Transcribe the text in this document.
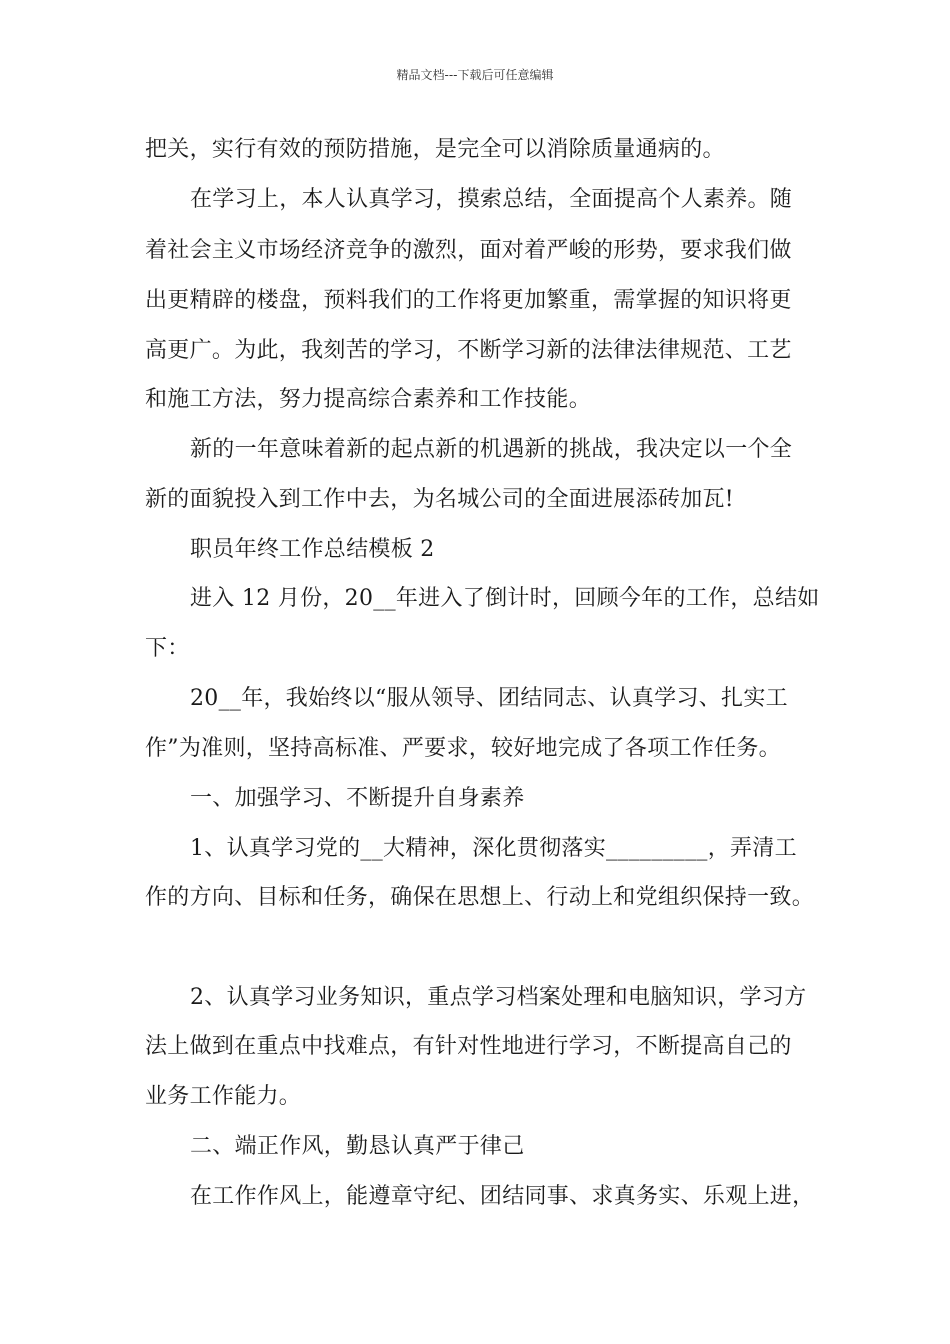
精品文档---下载后可任意编辑
把关，实行有效的预防措施，是完全可以消除质量通病的。
在学习上，本人认真学习，摸索总结，全面提高个人素养。随
着社会主义市场经济竞争的激烈，面对着严峻的形势，要求我们做
出更精辟的楼盘，预料我们的工作将更加繁重，需掌握的知识将更
高更广。为此，我刻苦的学习，不断学习新的法律法律规范、工艺
和施工方法，努力提高综合素养和工作技能。
新的一年意味着新的起点新的机遇新的挑战，我决定以一个全
新的面貌投入到工作中去，为名城公司的全面进展添砖加瓦!
职员年终工作总结模板 2
进入 12 月份，20__年进入了倒计时，回顾今年的工作，总结如
下：
20__年，我始终以“服从领导、团结同志、认真学习、扎实工
作”为准则，坚持高标准、严要求，较好地完成了各项工作任务。
一、加强学习、不断提升自身素养
1、认真学习党的__大精神，深化贯彻落实_________，弄清工
作的方向、目标和任务，确保在思想上、行动上和党组织保持一致。
2、认真学习业务知识，重点学习档案处理和电脑知识，学习方
法上做到在重点中找难点，有针对性地进行学习，不断提高自己的
业务工作能力。
二、端正作风，勤恳认真严于律己
在工作作风上，能遵章守纪、团结同事、求真务实、乐观上进，
